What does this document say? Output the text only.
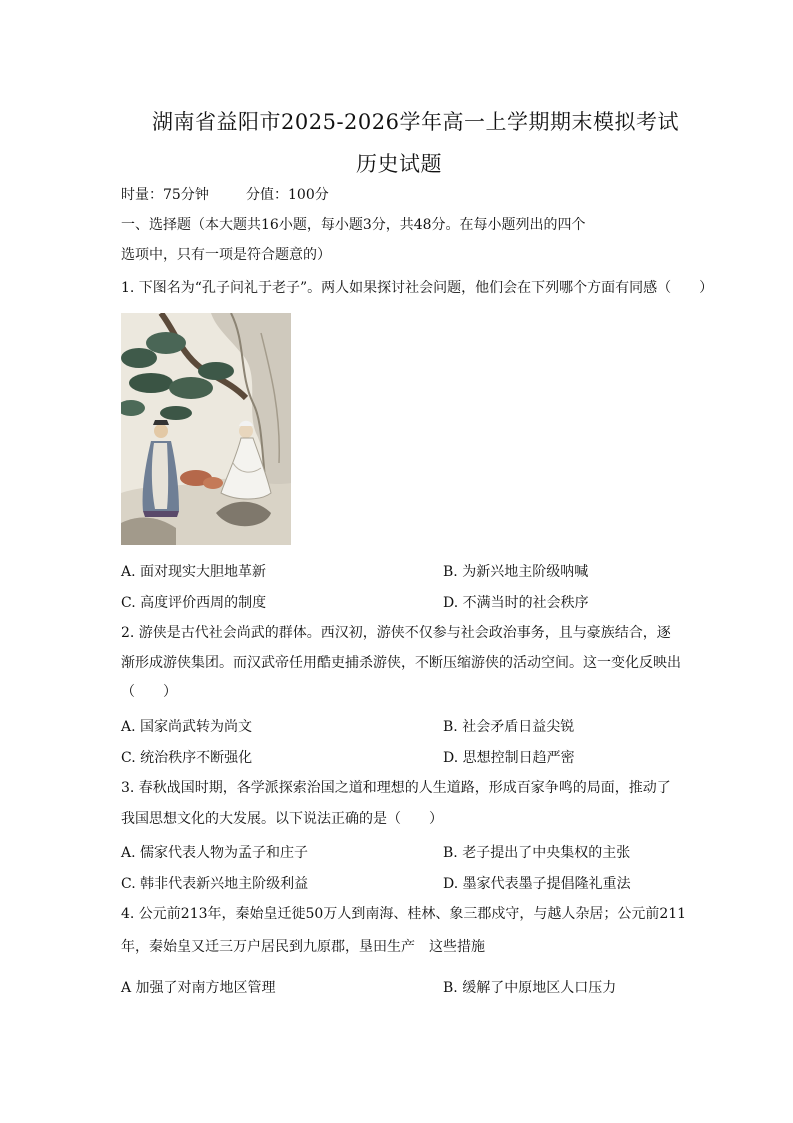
湖南省益阳市2025-2026学年高一上学期期末模拟考试
历史试题
时量：75分钟	分值：100分
一、选择题（本大题共16小题，每小题3分，共48分。在每小题列出的四个
选项中，只有一项是符合题意的）
1. 下图名为“孔子问礼于老子”。两人如果探讨社会问题，他们会在下列哪个方面有同感（　　）
A. 面对现实大胆地革新	B. 为新兴地主阶级呐喊
C. 高度评价西周的制度	D. 不满当时的社会秩序
2. 游侠是古代社会尚武的群体。西汉初，游侠不仅参与社会政治事务，且与豪族结合，逐
渐形成游侠集团。而汉武帝任用酷吏捕杀游侠，不断压缩游侠的活动空间。这一变化反映出
（　　）
A. 国家尚武转为尚文	B. 社会矛盾日益尖锐
C. 统治秩序不断强化	D. 思想控制日趋严密
3. 春秋战国时期，各学派探索治国之道和理想的人生道路，形成百家争鸣的局面，推动了
我国思想文化的大发展。以下说法正确的是（　　）
A. 儒家代表人物为孟子和庄子	B. 老子提出了中央集权的主张
C. 韩非代表新兴地主阶级利益	D. 墨家代表墨子提倡隆礼重法
4. 公元前213年，秦始皇迁徙50万人到南海、桂林、象三郡戍守，与越人杂居；公元前211
年，秦始皇又迁三万户居民到九原郡，垦田生产　这些措施
A 加强了对南方地区管理	B. 缓解了中原地区人口压力
